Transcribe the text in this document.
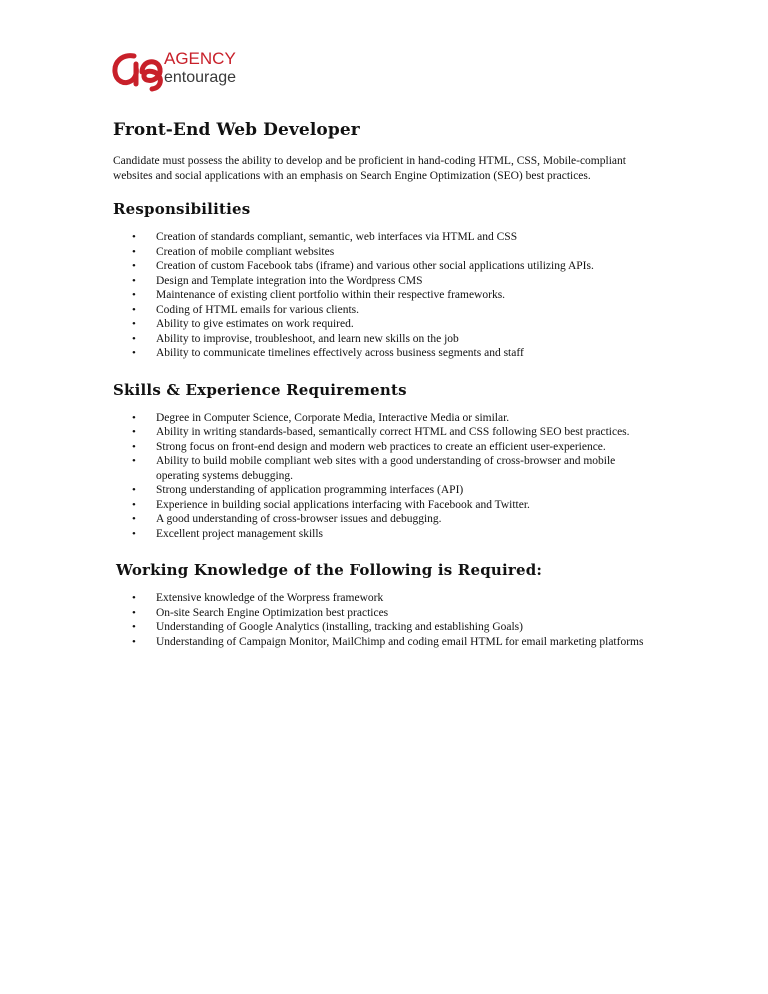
AGENCY
entourage
Front-End Web Developer

Candidate must possess the ability to develop and be proficient in hand-coding HTML, CSS, Mobile-compliant websites and social applications with an emphasis on Search Engine Optimization (SEO) best practices.

Responsibilities
• Creation of standards compliant, semantic, web interfaces via HTML and CSS
• Creation of mobile compliant websites
• Creation of custom Facebook tabs (iframe) and various other social applications utilizing APIs.
• Design and Template integration into the Wordpress CMS
• Maintenance of existing client portfolio within their respective frameworks.
• Coding of HTML emails for various clients.
• Ability to give estimates on work required.
• Ability to improvise, troubleshoot, and learn new skills on the job
• Ability to communicate timelines effectively across business segments and staff
Skills & Experience Requirements
• Degree in Computer Science, Corporate Media, Interactive Media or similar.
• Ability in writing standards-based, semantically correct HTML and CSS following SEO best practices.
• Strong focus on front-end design and modern web practices to create an efficient user-experience.
• Ability to build mobile compliant web sites with a good understanding of cross-browser and mobile operating systems debugging.
• Strong understanding of application programming interfaces (API)
• Experience in building social applications interfacing with Facebook and Twitter.
• A good understanding of cross-browser issues and debugging.
• Excellent project management skills
Working Knowledge of the Following is Required:
• Extensive knowledge of the Worpress framework
• On-site Search Engine Optimization best practices
• Understanding of Google Analytics (installing, tracking and establishing Goals)
• Understanding of Campaign Monitor, MailChimp and coding email HTML for email marketing platforms
